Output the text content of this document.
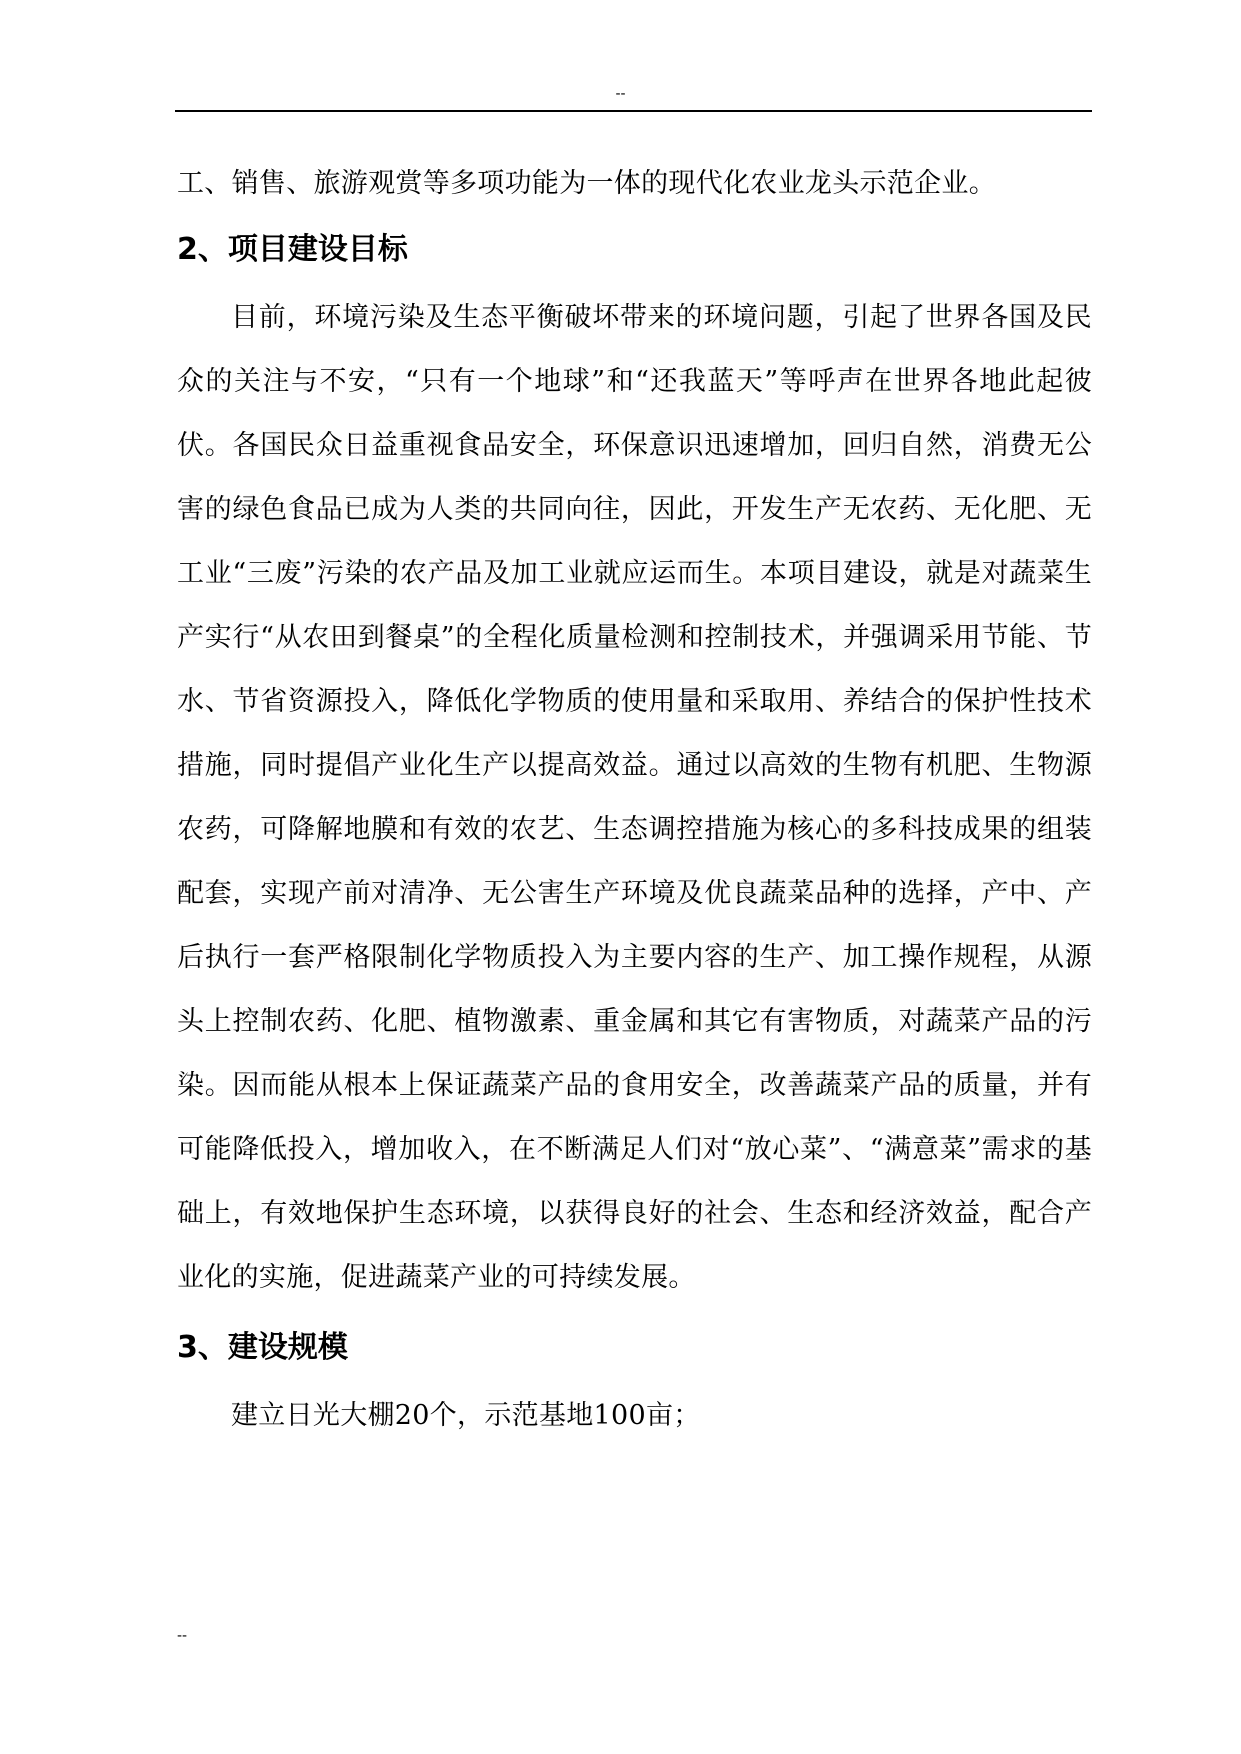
--

工、销售、旅游观赏等多项功能为一体的现代化农业龙头示范企业。

2、项目建设目标

目前，环境污染及生态平衡破坏带来的环境问题，引起了世界各国及民众的关注与不安，“只有一个地球”和“还我蓝天”等呼声在世界各地此起彼伏。各国民众日益重视食品安全，环保意识迅速增加，回归自然，消费无公害的绿色食品已成为人类的共同向往，因此，开发生产无农药、无化肥、无工业“三废”污染的农产品及加工业就应运而生。本项目建设，就是对蔬菜生产实行“从农田到餐桌”的全程化质量检测和控制技术，并强调采用节能、节水、节省资源投入，降低化学物质的使用量和采取用、养结合的保护性技术措施，同时提倡产业化生产以提高效益。通过以高效的生物有机肥、生物源农药，可降解地膜和有效的农艺、生态调控措施为核心的多科技成果的组装配套，实现产前对清净、无公害生产环境及优良蔬菜品种的选择，产中、产后执行一套严格限制化学物质投入为主要内容的生产、加工操作规程，从源头上控制农药、化肥、植物激素、重金属和其它有害物质，对蔬菜产品的污染。因而能从根本上保证蔬菜产品的食用安全，改善蔬菜产品的质量，并有可能降低投入，增加收入，在不断满足人们对“放心菜”、“满意菜”需求的基础上，有效地保护生态环境，以获得良好的社会、生态和经济效益，配合产业化的实施，促进蔬菜产业的可持续发展。

3、建设规模

建立日光大棚20个，示范基地100亩；

--
